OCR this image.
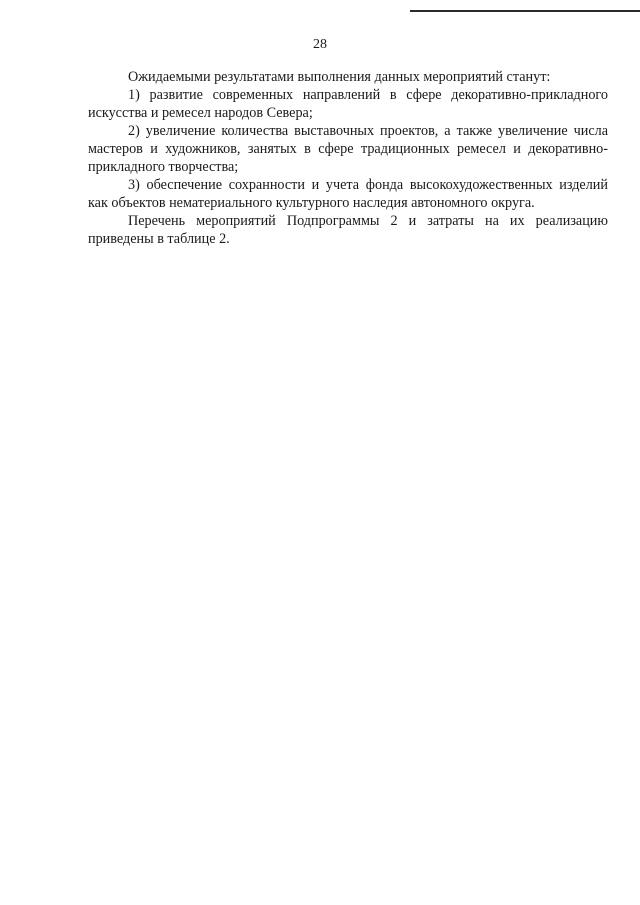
28

Ожидаемыми результатами выполнения данных мероприятий станут:

1) развитие современных направлений в сфере декоративно-прикладного искусства и ремесел народов Севера;

2) увеличение количества выставочных проектов, а также увеличение числа мастеров и художников, занятых в сфере традиционных ремесел и декоративно-прикладного творчества;

3) обеспечение сохранности и учета фонда высокохудожественных изделий как объектов нематериального культурного наследия автономного округа.

Перечень мероприятий Подпрограммы 2 и затраты на их реализацию приведены в таблице 2.
